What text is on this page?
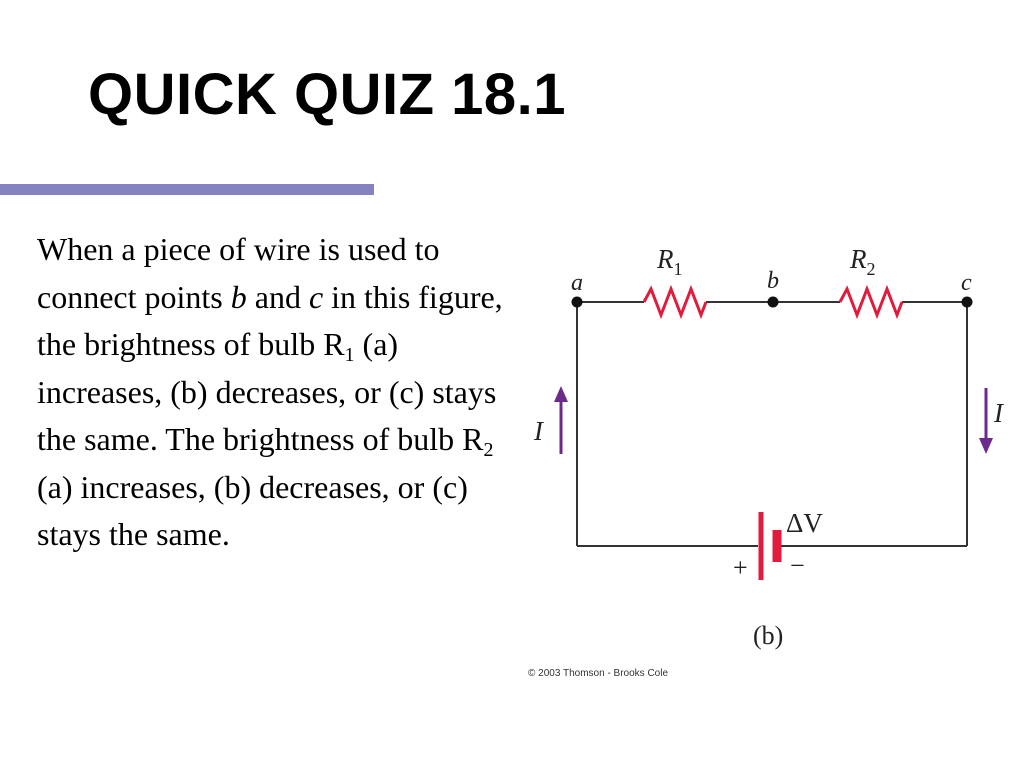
QUICK QUIZ 18.1

When a piece of wire is used to connect points b and c in this figure, the brightness of bulb $R_1$ (a) increases, (b) decreases, or (c) stays the same. The brightness of bulb $R_2$ (a) increases, (b) decreases, or (c) stays the same.

$R_1$	$R_2$
a	b	c
I
I
ΔV
+ −
(b)
© 2003 Thomson - Brooks Cole
